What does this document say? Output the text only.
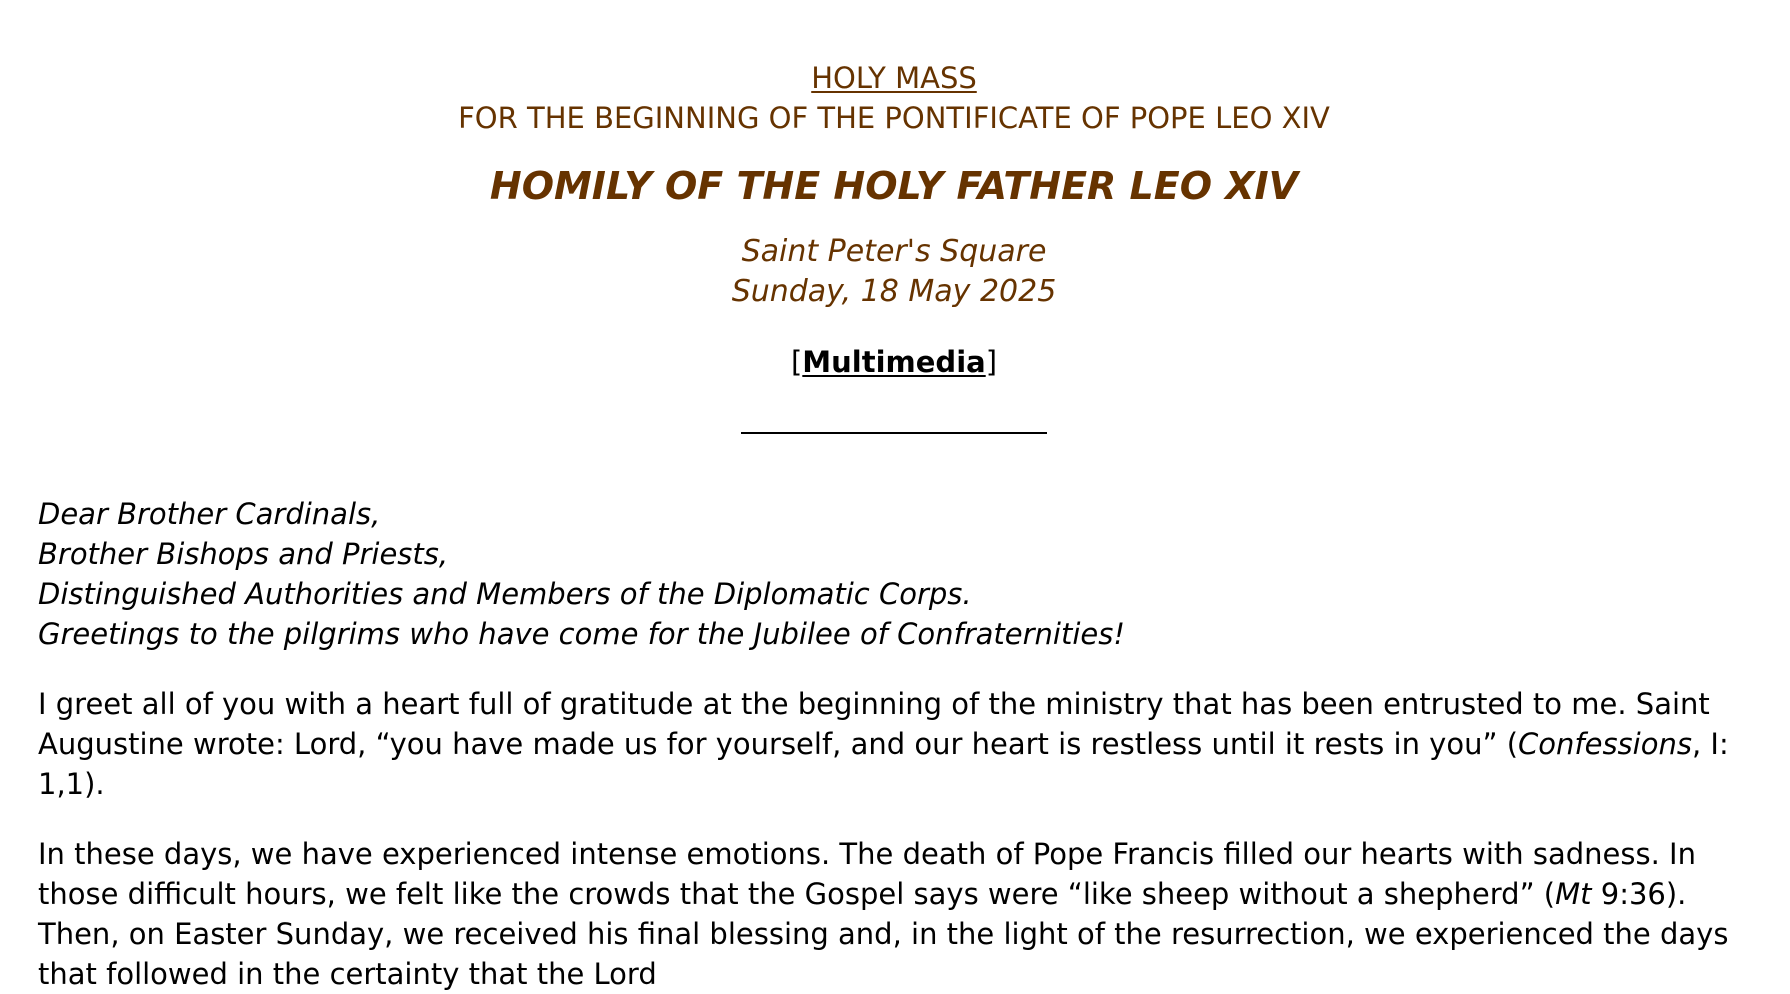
HOLY MASS

FOR THE BEGINNING OF THE PONTIFICATE OF POPE LEO XIV

HOMILY OF THE HOLY FATHER LEO XIV

Saint Peter's Square

Sunday, 18 May 2025

[Multimedia]

Dear Brother Cardinals,
Brother Bishops and Priests,
Distinguished Authorities and Members of the Diplomatic Corps.
Greetings to the pilgrims who have come for the Jubilee of Confraternities!

I greet all of you with a heart full of gratitude at the beginning of the ministry that has been entrusted to me. Saint Augustine wrote: Lord, “you have made us for yourself, and our heart is restless until it rests in you” (Confessions, I: 1,1).

In these days, we have experienced intense emotions. The death of Pope Francis filled our hearts with sadness. In those difficult hours, we felt like the crowds that the Gospel says were “like sheep without a shepherd” (Mt 9:36). Then, on Easter Sunday, we received his final blessing and, in the light of the resurrection, we experienced the days that followed in the certainty that the Lord
